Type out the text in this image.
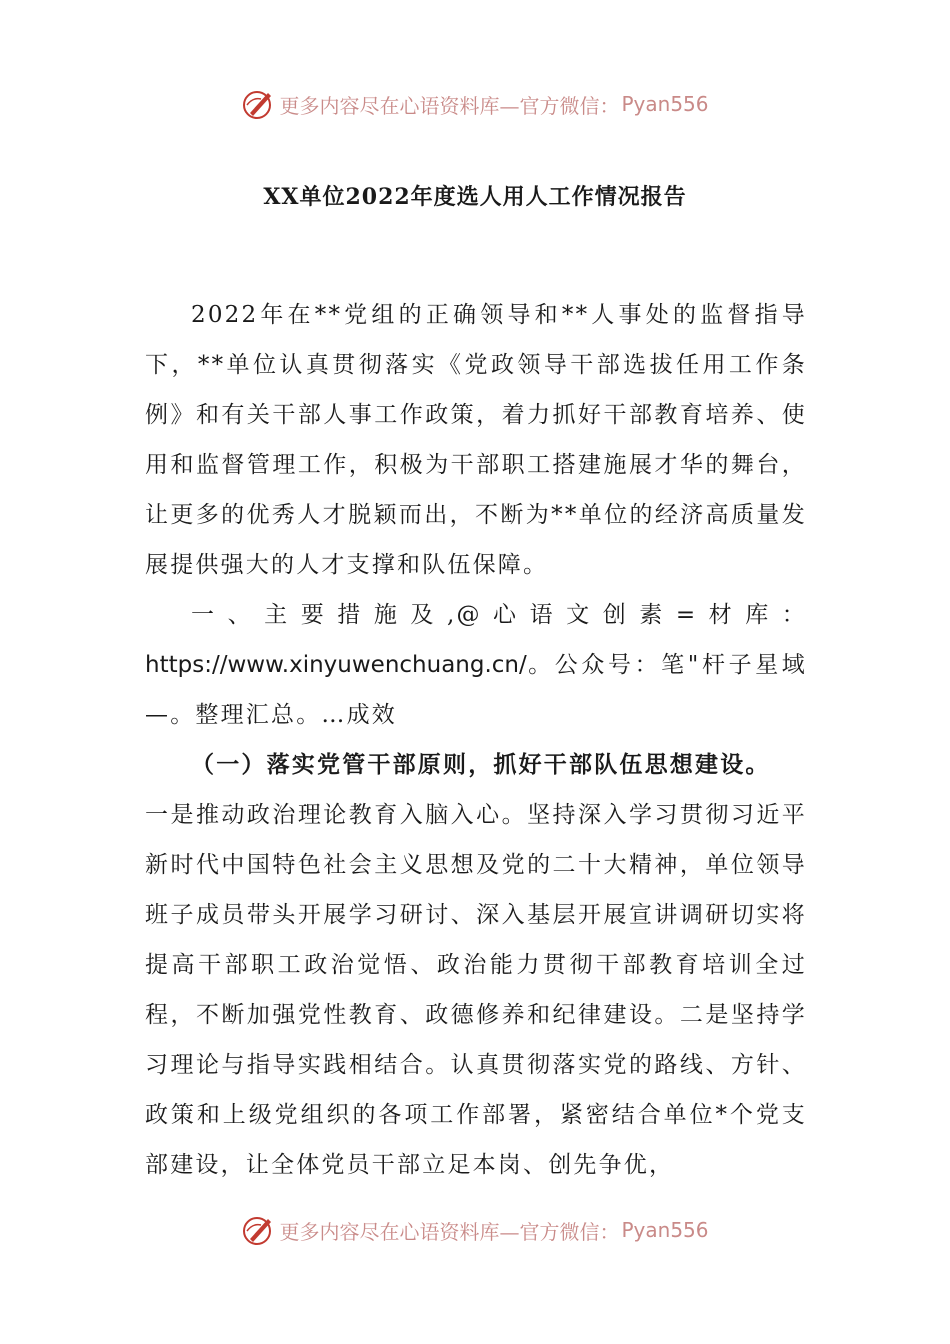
更多内容尽在心语资料库—官方微信： Pyan556
XX单位2022年度选人用人工作情况报告

2022年在**党组的正确领导和**人事处的监督指导下，**单位认真贯彻落实《党政领导干部选拔任用工作条例》和有关干部人事工作政策，着力抓好干部教育培养、使用和监督管理工作，积极为干部职工搭建施展才华的舞台，让更多的优秀人才脱颖而出，不断为**单位的经济高质量发展提供强大的人才支撑和队伍保障。

一、主要措施及,@心语文创素=材库：https://www.xinyuwenchuang.cn/。公众号：笔"杆子星域—。整理汇总。…成效

（一）落实党管干部原则，抓好干部队伍思想建设。

一是推动政治理论教育入脑入心。坚持深入学习贯彻习近平新时代中国特色社会主义思想及党的二十大精神，单位领导班子成员带头开展学习研讨、深入基层开展宣讲调研切实将提高干部职工政治觉悟、政治能力贯彻干部教育培训全过程，不断加强党性教育、政德修养和纪律建设。二是坚持学习理论与指导实践相结合。认真贯彻落实党的路线、方针、政策和上级党组织的各项工作部署，紧密结合单位*个党支部建设，让全体党员干部立足本岗、创先争优，

更多内容尽在心语资料库—官方微信： Pyan556
